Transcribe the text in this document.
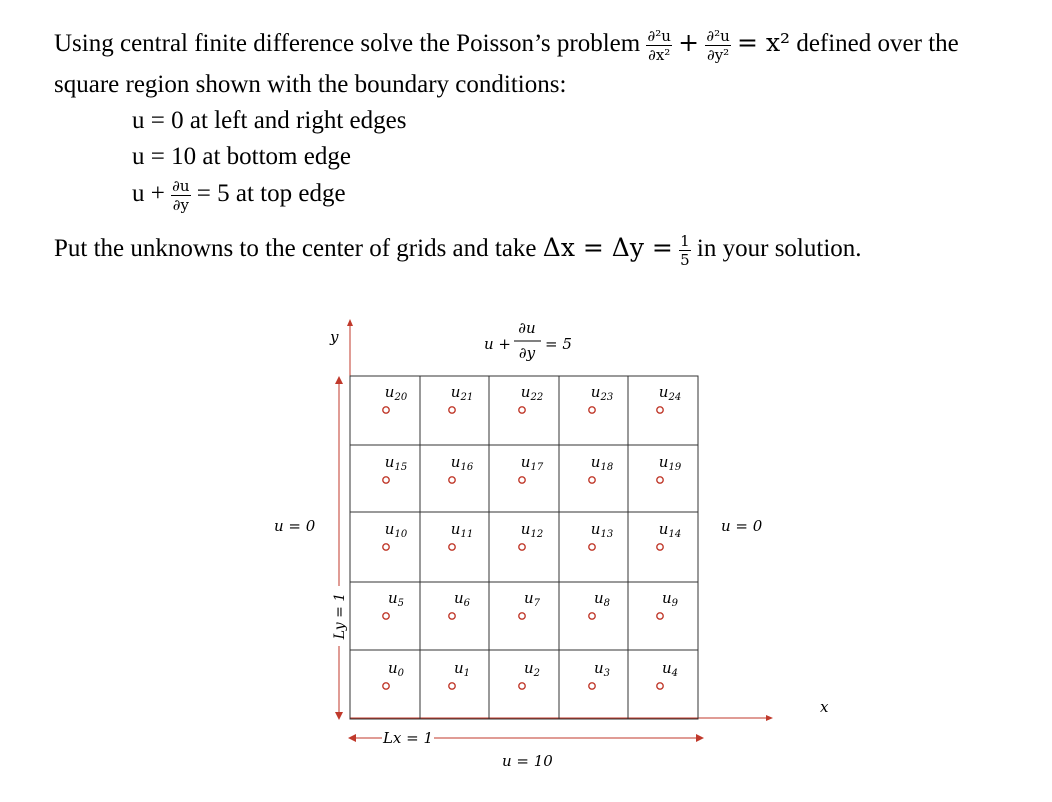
Using central finite difference solve the Poisson’s problem $\frac{\text{∂²u}}{\text{∂x²}} + \frac{\text{∂²u}}{\text{∂y²}} = x^2$ defined over the
square region shown with the boundary conditions:
u = 0 at left and right edges
u = 10 at bottom edge
$u + \frac{\partial u}{\partial y} = 5$ at top edge
Put the unknowns to the center of grids and take $\Delta x = \Delta y = \frac{1}{5}$ in your solution.
y
x
Ly = 1
Lx = 1
$u_{20}$	$u_{21}$	$u_{22}$	$u_{23}$	$u_{24}$
$u_{15}$	$u_{16}$	$u_{17}$	$u_{18}$	$u_{19}$
$u_{10}$	$u_{11}$	$u_{12}$	$u_{13}$	$u_{14}$
$u_5$	$u_6$	$u_7$	$u_8$	$u_9$
$u_0$	$u_1$	$u_2$	$u_3$	$u_4$
u = 0	u = 0
u = 10
u +
∂u
∂y = 5
